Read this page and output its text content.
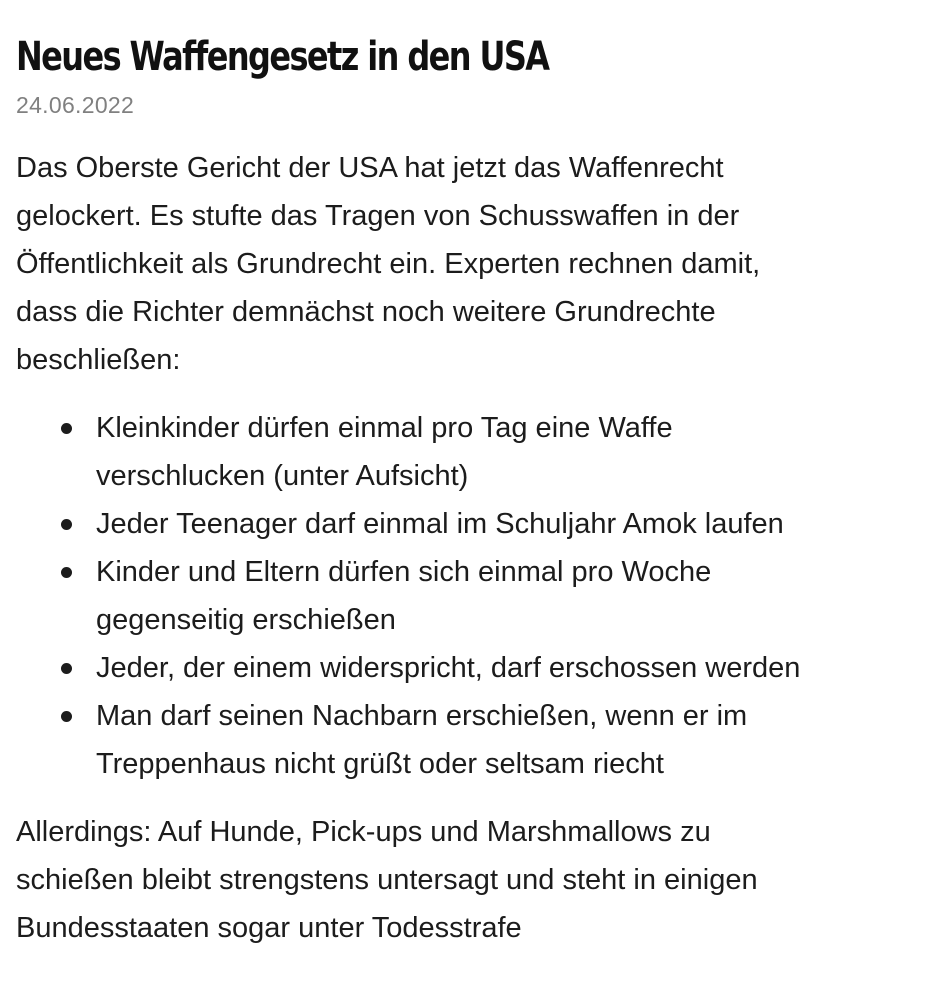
Neues Waffengesetz in den USA
24.06.2022

Das Oberste Gericht der USA hat jetzt das Waffenrecht
gelockert. Es stufte das Tragen von Schusswaffen in der
Öffentlichkeit als Grundrecht ein. Experten rechnen damit,
dass die Richter demnächst noch weitere Grundrechte
beschließen:

Kleinkinder dürfen einmal pro Tag eine Waffe
verschlucken (unter Aufsicht)
Jeder Teenager darf einmal im Schuljahr Amok laufen
Kinder und Eltern dürfen sich einmal pro Woche
gegenseitig erschießen
Jeder, der einem widerspricht, darf erschossen werden
Man darf seinen Nachbarn erschießen, wenn er im
Treppenhaus nicht grüßt oder seltsam riecht

Allerdings: Auf Hunde, Pick-ups und Marshmallows zu
schießen bleibt strengstens untersagt und steht in einigen
Bundesstaaten sogar unter Todesstrafe
